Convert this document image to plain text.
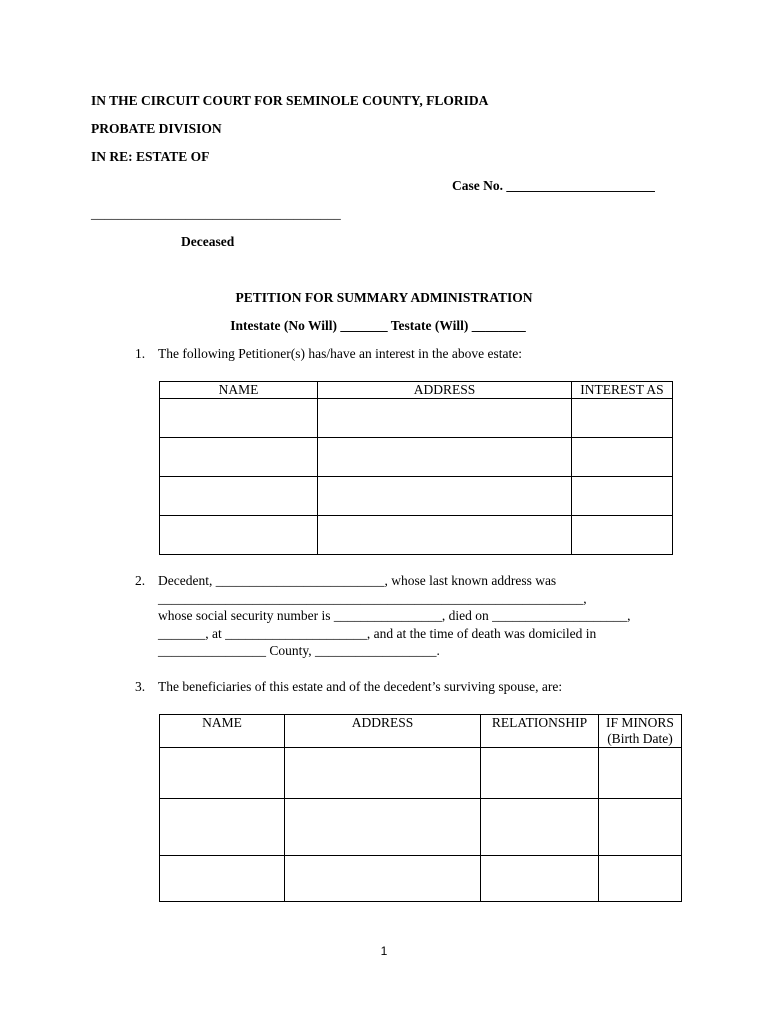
IN THE CIRCUIT COURT FOR SEMINOLE COUNTY, FLORIDA
PROBATE DIVISION
IN RE: ESTATE OF
Case No. ______________________
_____________________________________
Deceased
PETITION FOR SUMMARY ADMINISTRATION
Intestate (No Will) _______ Testate (Will) ________
1. The following Petitioner(s) has/have an interest in the above estate:
NAME	ADDRESS	INTEREST AS

2. Decedent, _________________________, whose last known address was
_______________________________________________________________,
whose social security number is ________________, died on ____________________,
_______, at _____________________, and at the time of death was domiciled in
________________ County, __________________.
3. The beneficiaries of this estate and of the decedent’s surviving spouse, are:
NAME	ADDRESS	RELATIONSHIP	IF MINORS
(Birth Date)

1
